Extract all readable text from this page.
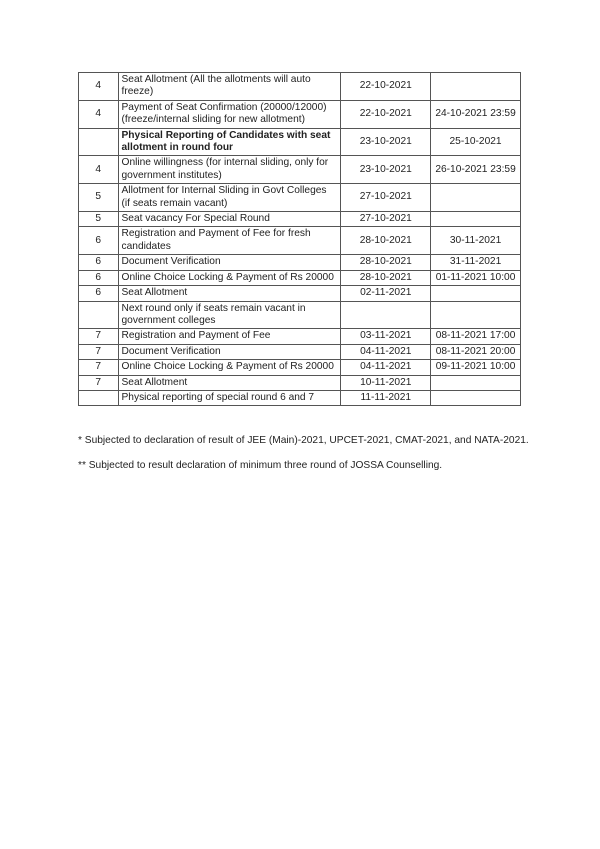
4	Seat Allotment (All the allotments will auto freeze)	22-10-2021	
4	Payment of Seat Confirmation (20000/12000) (freeze/internal sliding for new allotment)	22-10-2021	24-10-2021 23:59
	Physical Reporting of Candidates with seat allotment in round four	23-10-2021	25-10-2021
4	Online willingness (for internal sliding, only for government institutes)	23-10-2021	26-10-2021 23:59
5	Allotment for Internal Sliding in Govt Colleges (if seats remain vacant)	27-10-2021	
5	Seat vacancy For Special Round	27-10-2021	
6	Registration and Payment of Fee for fresh candidates	28-10-2021	30-11-2021
6	Document Verification	28-10-2021	31-11-2021
6	Online Choice Locking & Payment of Rs 20000	28-10-2021	01-11-2021 10:00
6	Seat Allotment	02-11-2021	
	Next round only if seats remain vacant in government colleges		
7	Registration and Payment of Fee	03-11-2021	08-11-2021 17:00
7	Document Verification	04-11-2021	08-11-2021 20:00
7	Online Choice Locking & Payment of Rs 20000	04-11-2021	09-11-2021 10:00
7	Seat Allotment	10-11-2021	
	Physical reporting of special round 6 and 7	11-11-2021	

* Subjected to declaration of result of JEE (Main)-2021, UPCET-2021, CMAT-2021, and NATA-2021.

** Subjected to result declaration of minimum three round of JOSSA Counselling.
